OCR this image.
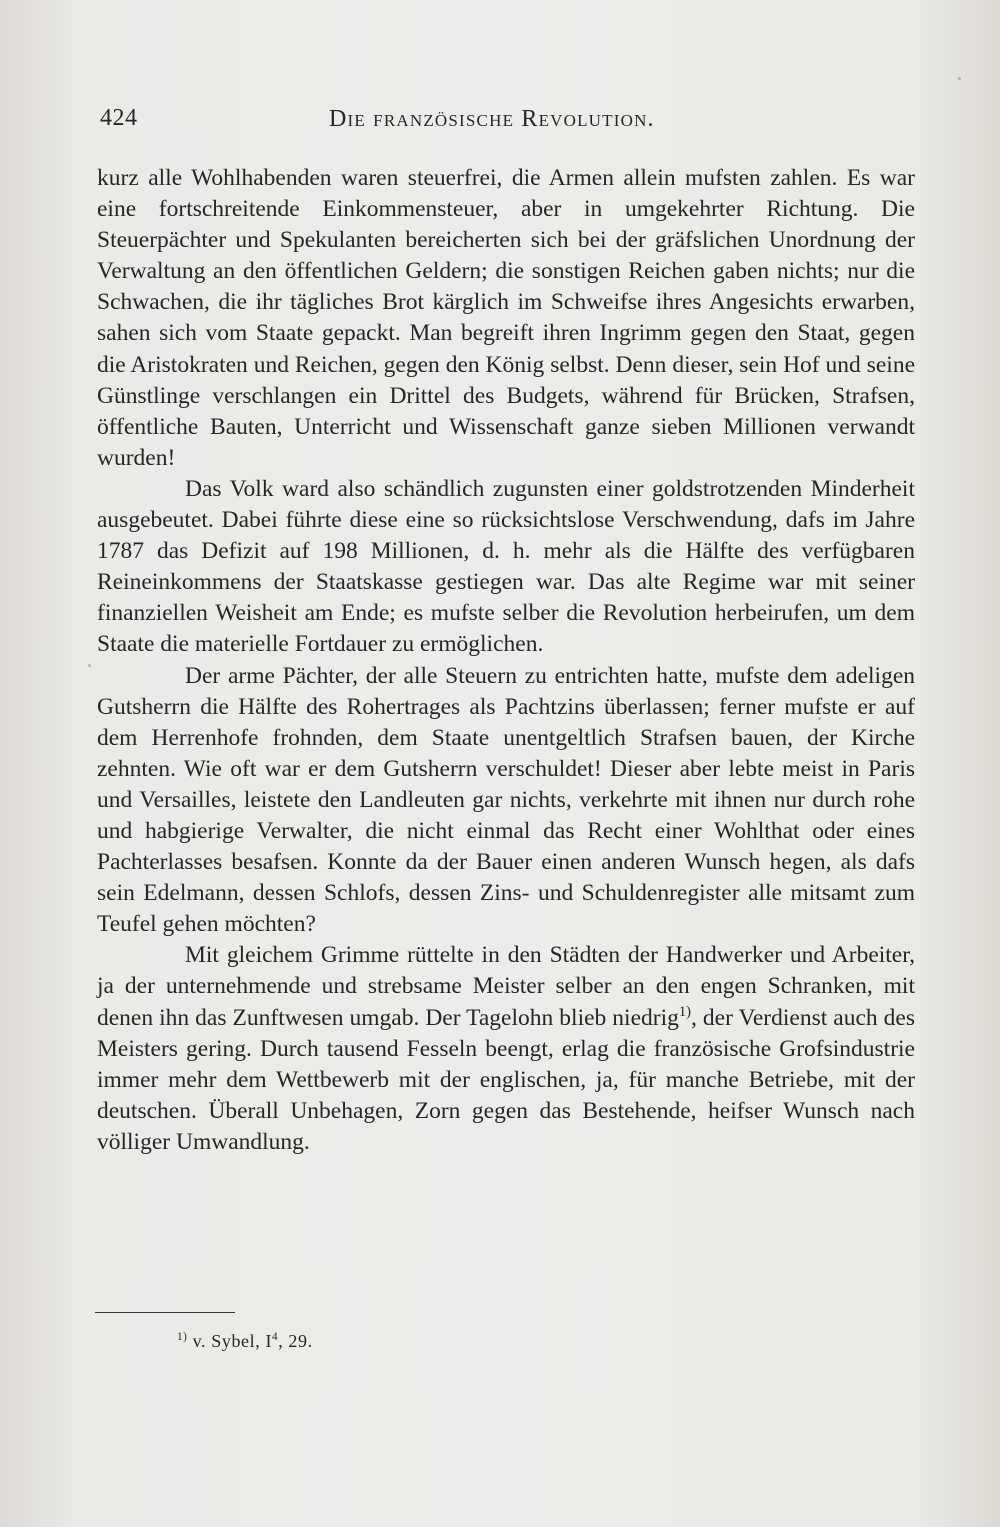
424	Die französische Revolution.

kurz alle Wohlhabenden waren steuerfrei, die Armen allein mufsten zahlen. Es war eine fortschreitende Einkommensteuer, aber in umgekehrter Richtung. Die Steuerpächter und Spekulanten bereicherten sich bei der gräfslichen Unordnung der Verwaltung an den öffentlichen Geldern; die sonstigen Reichen gaben nichts; nur die Schwachen, die ihr tägliches Brot kärglich im Schweifse ihres Angesichts erwarben, sahen sich vom Staate gepackt. Man begreift ihren Ingrimm gegen den Staat, gegen die Aristokraten und Reichen, gegen den König selbst. Denn dieser, sein Hof und seine Günstlinge verschlangen ein Drittel des Budgets, während für Brücken, Strafsen, öffentliche Bauten, Unterricht und Wissenschaft ganze sieben Millionen verwandt wurden!

Das Volk ward also schändlich zugunsten einer goldstrotzenden Minderheit ausgebeutet. Dabei führte diese eine so rücksichtslose Verschwendung, dafs im Jahre 1787 das Defizit auf 198 Millionen, d. h. mehr als die Hälfte des verfügbaren Reineinkommens der Staatskasse gestiegen war. Das alte Regime war mit seiner finanziellen Weisheit am Ende; es mufste selber die Revolution herbeirufen, um dem Staate die materielle Fortdauer zu ermöglichen.

Der arme Pächter, der alle Steuern zu entrichten hatte, mufste dem adeligen Gutsherrn die Hälfte des Rohertrages als Pachtzins überlassen; ferner mufste er auf dem Herrenhofe frohnden, dem Staate unentgeltlich Strafsen bauen, der Kirche zehnten. Wie oft war er dem Gutsherrn verschuldet! Dieser aber lebte meist in Paris und Versailles, leistete den Landleuten gar nichts, verkehrte mit ihnen nur durch rohe und habgierige Verwalter, die nicht einmal das Recht einer Wohlthat oder eines Pachterlasses besafsen. Konnte da der Bauer einen anderen Wunsch hegen, als dafs sein Edelmann, dessen Schlofs, dessen Zins- und Schuldenregister alle mitsamt zum Teufel gehen möchten?

Mit gleichem Grimme rüttelte in den Städten der Handwerker und Arbeiter, ja der unternehmende und strebsame Meister selber an den engen Schranken, mit denen ihn das Zunftwesen umgab. Der Tagelohn blieb niedrig$^{1)}$, der Verdienst auch des Meisters gering. Durch tausend Fesseln beengt, erlag die französische Grofsindustrie immer mehr dem Wettbewerb mit der englischen, ja, für manche Betriebe, mit der deutschen. Überall Unbehagen, Zorn gegen das Bestehende, heifser Wunsch nach völliger Umwandlung.

$^{1)}$ v. Sybel, $I^4$, 29.
